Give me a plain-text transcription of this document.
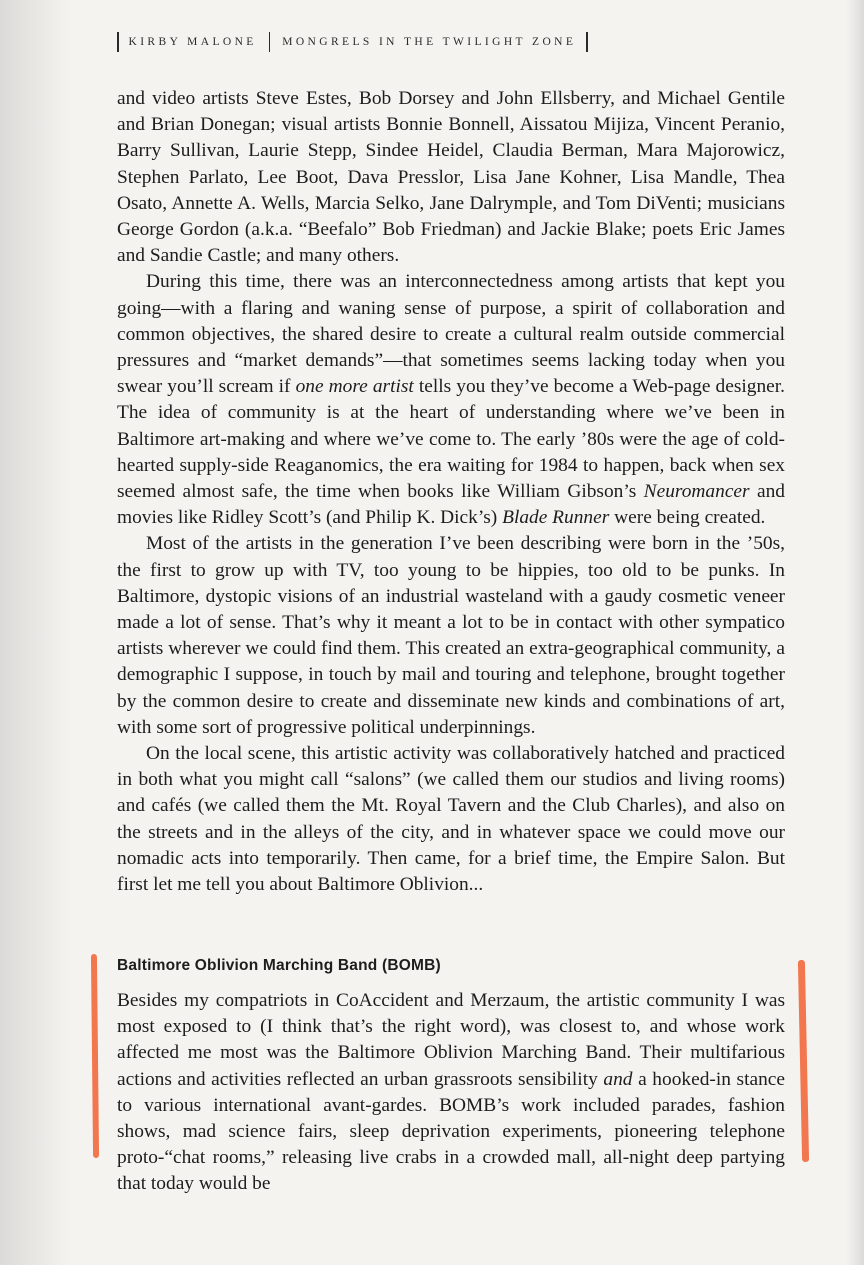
KIRBY MALONE	MONGRELS IN THE TWILIGHT ZONE

and video artists Steve Estes, Bob Dorsey and John Ellsberry, and Michael Gentile and Brian Donegan; visual artists Bonnie Bonnell, Aissatou Mijiza, Vincent Peranio, Barry Sullivan, Laurie Stepp, Sindee Heidel, Claudia Berman, Mara Majorowicz, Stephen Parlato, Lee Boot, Dava Presslor, Lisa Jane Kohner, Lisa Mandle, Thea Osato, Annette A. Wells, Marcia Selko, Jane Dalrymple, and Tom DiVenti; musicians George Gordon (a.k.a. “Beefalo” Bob Friedman) and Jackie Blake; poets Eric James and Sandie Castle; and many others.

During this time, there was an interconnectedness among artists that kept you going—with a flaring and waning sense of purpose, a spirit of collaboration and common objectives, the shared desire to create a cultural realm outside commercial pressures and “market demands”—that sometimes seems lacking today when you swear you’ll scream if one more artist tells you they’ve become a Web-page designer. The idea of community is at the heart of understanding where we’ve been in Baltimore art-making and where we’ve come to. The early ’80s were the age of cold-hearted supply-side Reaganomics, the era waiting for 1984 to happen, back when sex seemed almost safe, the time when books like William Gibson’s Neuromancer and movies like Ridley Scott’s (and Philip K. Dick’s) Blade Runner were being created.

Most of the artists in the generation I’ve been describing were born in the ’50s, the first to grow up with TV, too young to be hippies, too old to be punks. In Baltimore, dystopic visions of an industrial wasteland with a gaudy cosmetic veneer made a lot of sense. That’s why it meant a lot to be in contact with other sympatico artists wherever we could find them. This created an extra-geographical community, a demographic I suppose, in touch by mail and touring and telephone, brought together by the common desire to create and disseminate new kinds and combinations of art, with some sort of progressive political underpinnings.

On the local scene, this artistic activity was collaboratively hatched and practiced in both what you might call “salons” (we called them our studios and living rooms) and cafés (we called them the Mt. Royal Tavern and the Club Charles), and also on the streets and in the alleys of the city, and in whatever space we could move our nomadic acts into temporarily. Then came, for a brief time, the Empire Salon. But first let me tell you about Baltimore Oblivion...

Baltimore Oblivion Marching Band (BOMB)

Besides my compatriots in CoAccident and Merzaum, the artistic community I was most exposed to (I think that’s the right word), was closest to, and whose work affected me most was the Baltimore Oblivion Marching Band. Their multifarious actions and activities reflected an urban grassroots sensibility and a hooked-in stance to various international avant-gardes. BOMB’s work included parades, fashion shows, mad science fairs, sleep deprivation experiments, pioneering telephone proto-“chat rooms,” releasing live crabs in a crowded mall, all-night deep partying that today would be
